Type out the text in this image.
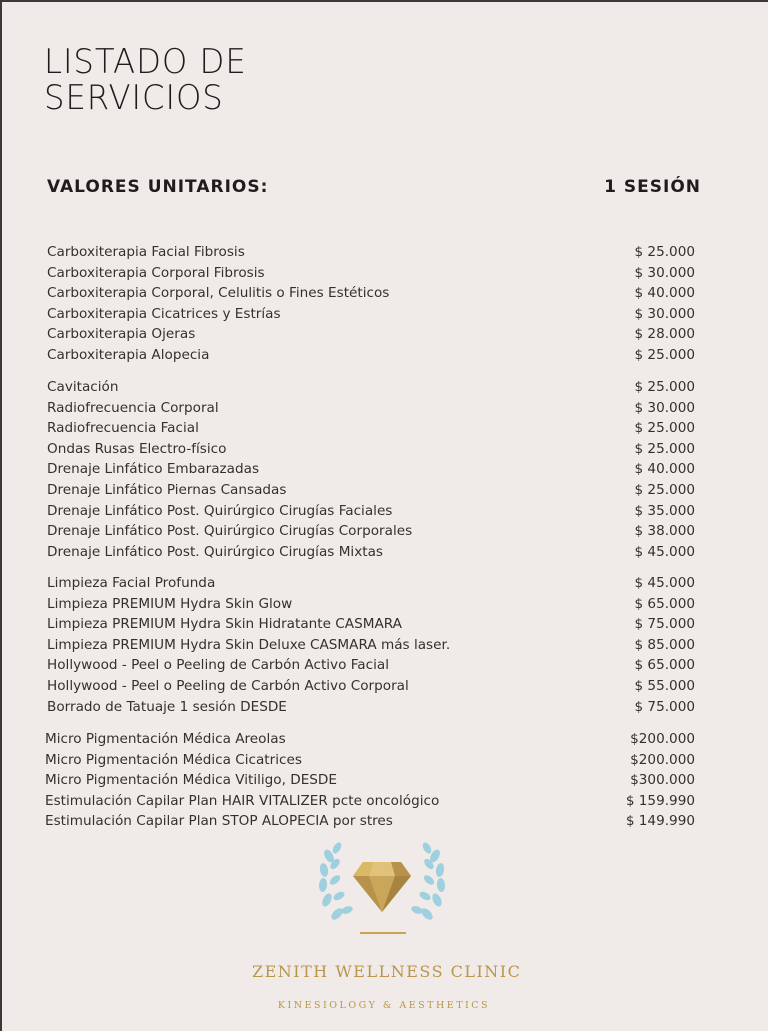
LISTADO DE
SERVICIOS
VALORES UNITARIOS:	1 SESIÓN
Carboxiterapia Facial Fibrosis	$ 25.000
Carboxiterapia Corporal Fibrosis	$ 30.000
Carboxiterapia Corporal, Celulitis o Fines Estéticos	$ 40.000
Carboxiterapia Cicatrices y Estrías	$ 30.000
Carboxiterapia Ojeras	$ 28.000
Carboxiterapia Alopecia	$ 25.000
Cavitación	$ 25.000
Radiofrecuencia Corporal	$ 30.000
Radiofrecuencia Facial	$ 25.000
Ondas Rusas Electro-físico	$ 25.000
Drenaje Linfático Embarazadas	$ 40.000
Drenaje Linfático Piernas Cansadas	$ 25.000
Drenaje Linfático Post. Quirúrgico Cirugías Faciales	$ 35.000
Drenaje Linfático Post. Quirúrgico Cirugías Corporales	$ 38.000
Drenaje Linfático Post. Quirúrgico Cirugías Mixtas	$ 45.000
Limpieza Facial Profunda	$ 45.000
Limpieza PREMIUM Hydra Skin Glow	$ 65.000
Limpieza PREMIUM Hydra Skin Hidratante CASMARA	$ 75.000
Limpieza PREMIUM Hydra Skin Deluxe CASMARA más laser.	$ 85.000
Hollywood - Peel o Peeling de Carbón Activo Facial	$ 65.000
Hollywood - Peel o Peeling de Carbón Activo Corporal	$ 55.000
Borrado de Tatuaje 1 sesión DESDE	$ 75.000
Micro Pigmentación Médica Areolas	$200.000
Micro Pigmentación Médica Cicatrices	$200.000
Micro Pigmentación Médica Vitiligo, DESDE	$300.000
Estimulación Capilar Plan HAIR VITALIZER pcte oncológico	$ 159.990
Estimulación Capilar Plan STOP ALOPECIA por stres	$ 149.990
ZENITH WELLNESS CLINIC
KINESIOLOGY & AESTHETICS
